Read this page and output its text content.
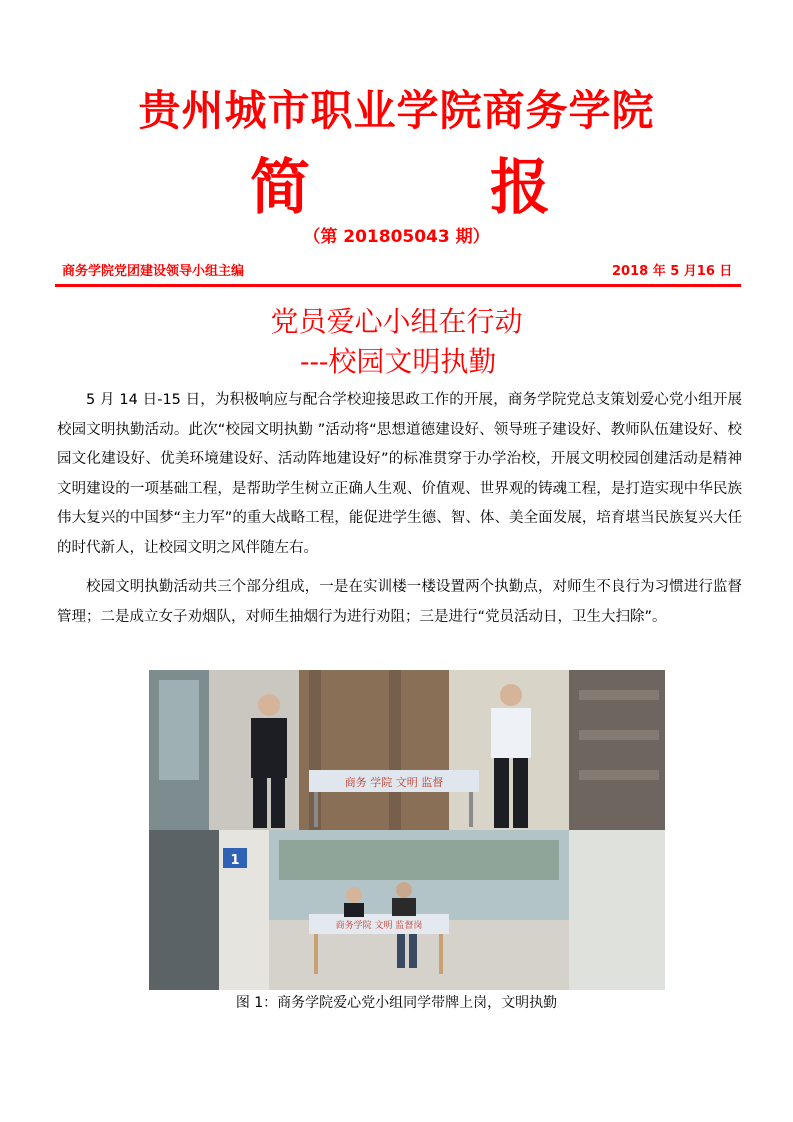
贵州城市职业学院商务学院
简	报
（第 201805043 期）
商务学院党团建设领导小组主编	2018 年 5 月16 日
党员爱心小组在行动
---校园文明执勤
5 月 14 日-15 日，为积极响应与配合学校迎接思政工作的开展，商务学院党总支策划爱心党小组开展校园文明执勤活动。此次“校园文明执勤 ”活动将“思想道德建设好、领导班子建设好、教师队伍建设好、校园文化建设好、优美环境建设好、活动阵地建设好”的标准贯穿于办学治校，开展文明校园创建活动是精神文明建设的一项基础工程，是帮助学生树立正确人生观、价值观、世界观的铸魂工程，是打造实现中华民族伟大复兴的中国梦“主力军”的重大战略工程，能促进学生德、智、体、美全面发展，培育堪当民族复兴大任的时代新人，让校园文明之风伴随左右。
校园文明执勤活动共三个部分组成，一是在实训楼一楼设置两个执勤点，对师生不良行为习惯进行监督管理；二是成立女子劝烟队，对师生抽烟行为进行劝阻；三是进行“党员活动日，卫生大扫除”。
商务 学院 文明 监督
1
商务学院 文明 监督岗
图 1：商务学院爱心党小组同学带牌上岗，文明执勤
